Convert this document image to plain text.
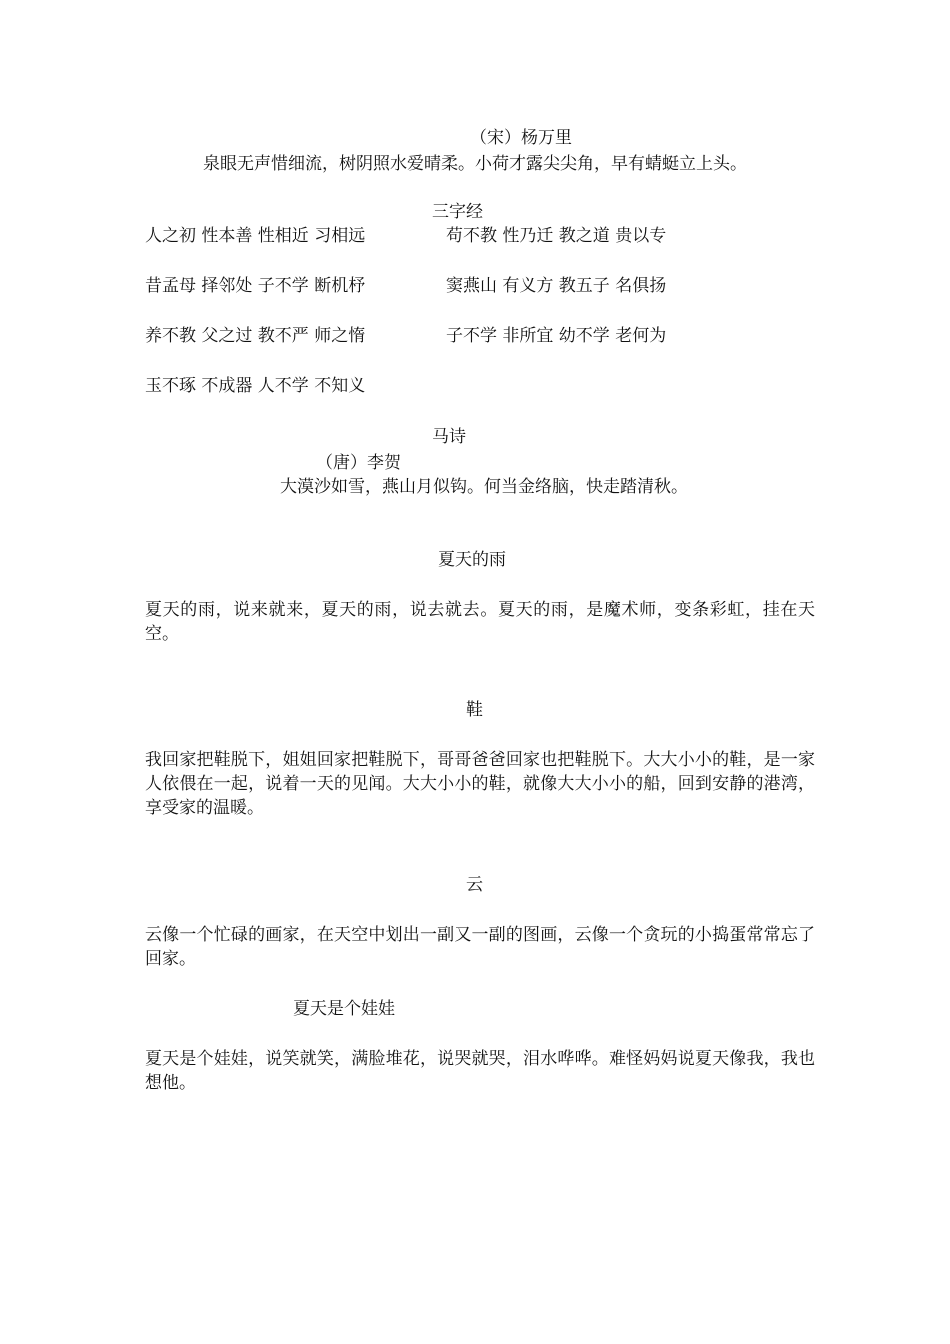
（宋）杨万里
泉眼无声惜细流，树阴照水爱晴柔。小荷才露尖尖角，早有蜻蜓立上头。
三字经
人之初 性本善 性相近 习相远	苟不教 性乃迁 教之道 贵以专
昔孟母 择邻处 子不学 断机杼	窦燕山 有义方 教五子 名俱扬
养不教 父之过 教不严 师之惰	子不学 非所宜 幼不学 老何为
玉不琢 不成器 人不学 不知义
马诗
（唐）李贺
大漠沙如雪，燕山月似钩。何当金络脑，快走踏清秋。
夏天的雨
夏天的雨，说来就来，夏天的雨，说去就去。夏天的雨，是魔术师，变条彩虹，挂在天空。
鞋
我回家把鞋脱下，姐姐回家把鞋脱下，哥哥爸爸回家也把鞋脱下。大大小小的鞋，是一家人依偎在一起，说着一天的见闻。大大小小的鞋，就像大大小小的船，回到安静的港湾，享受家的温暖。
云
云像一个忙碌的画家，在天空中划出一副又一副的图画，云像一个贪玩的小捣蛋常常忘了回家。
夏天是个娃娃
夏天是个娃娃，说笑就笑，满脸堆花，说哭就哭，泪水哗哗。难怪妈妈说夏天像我，我也想他。
